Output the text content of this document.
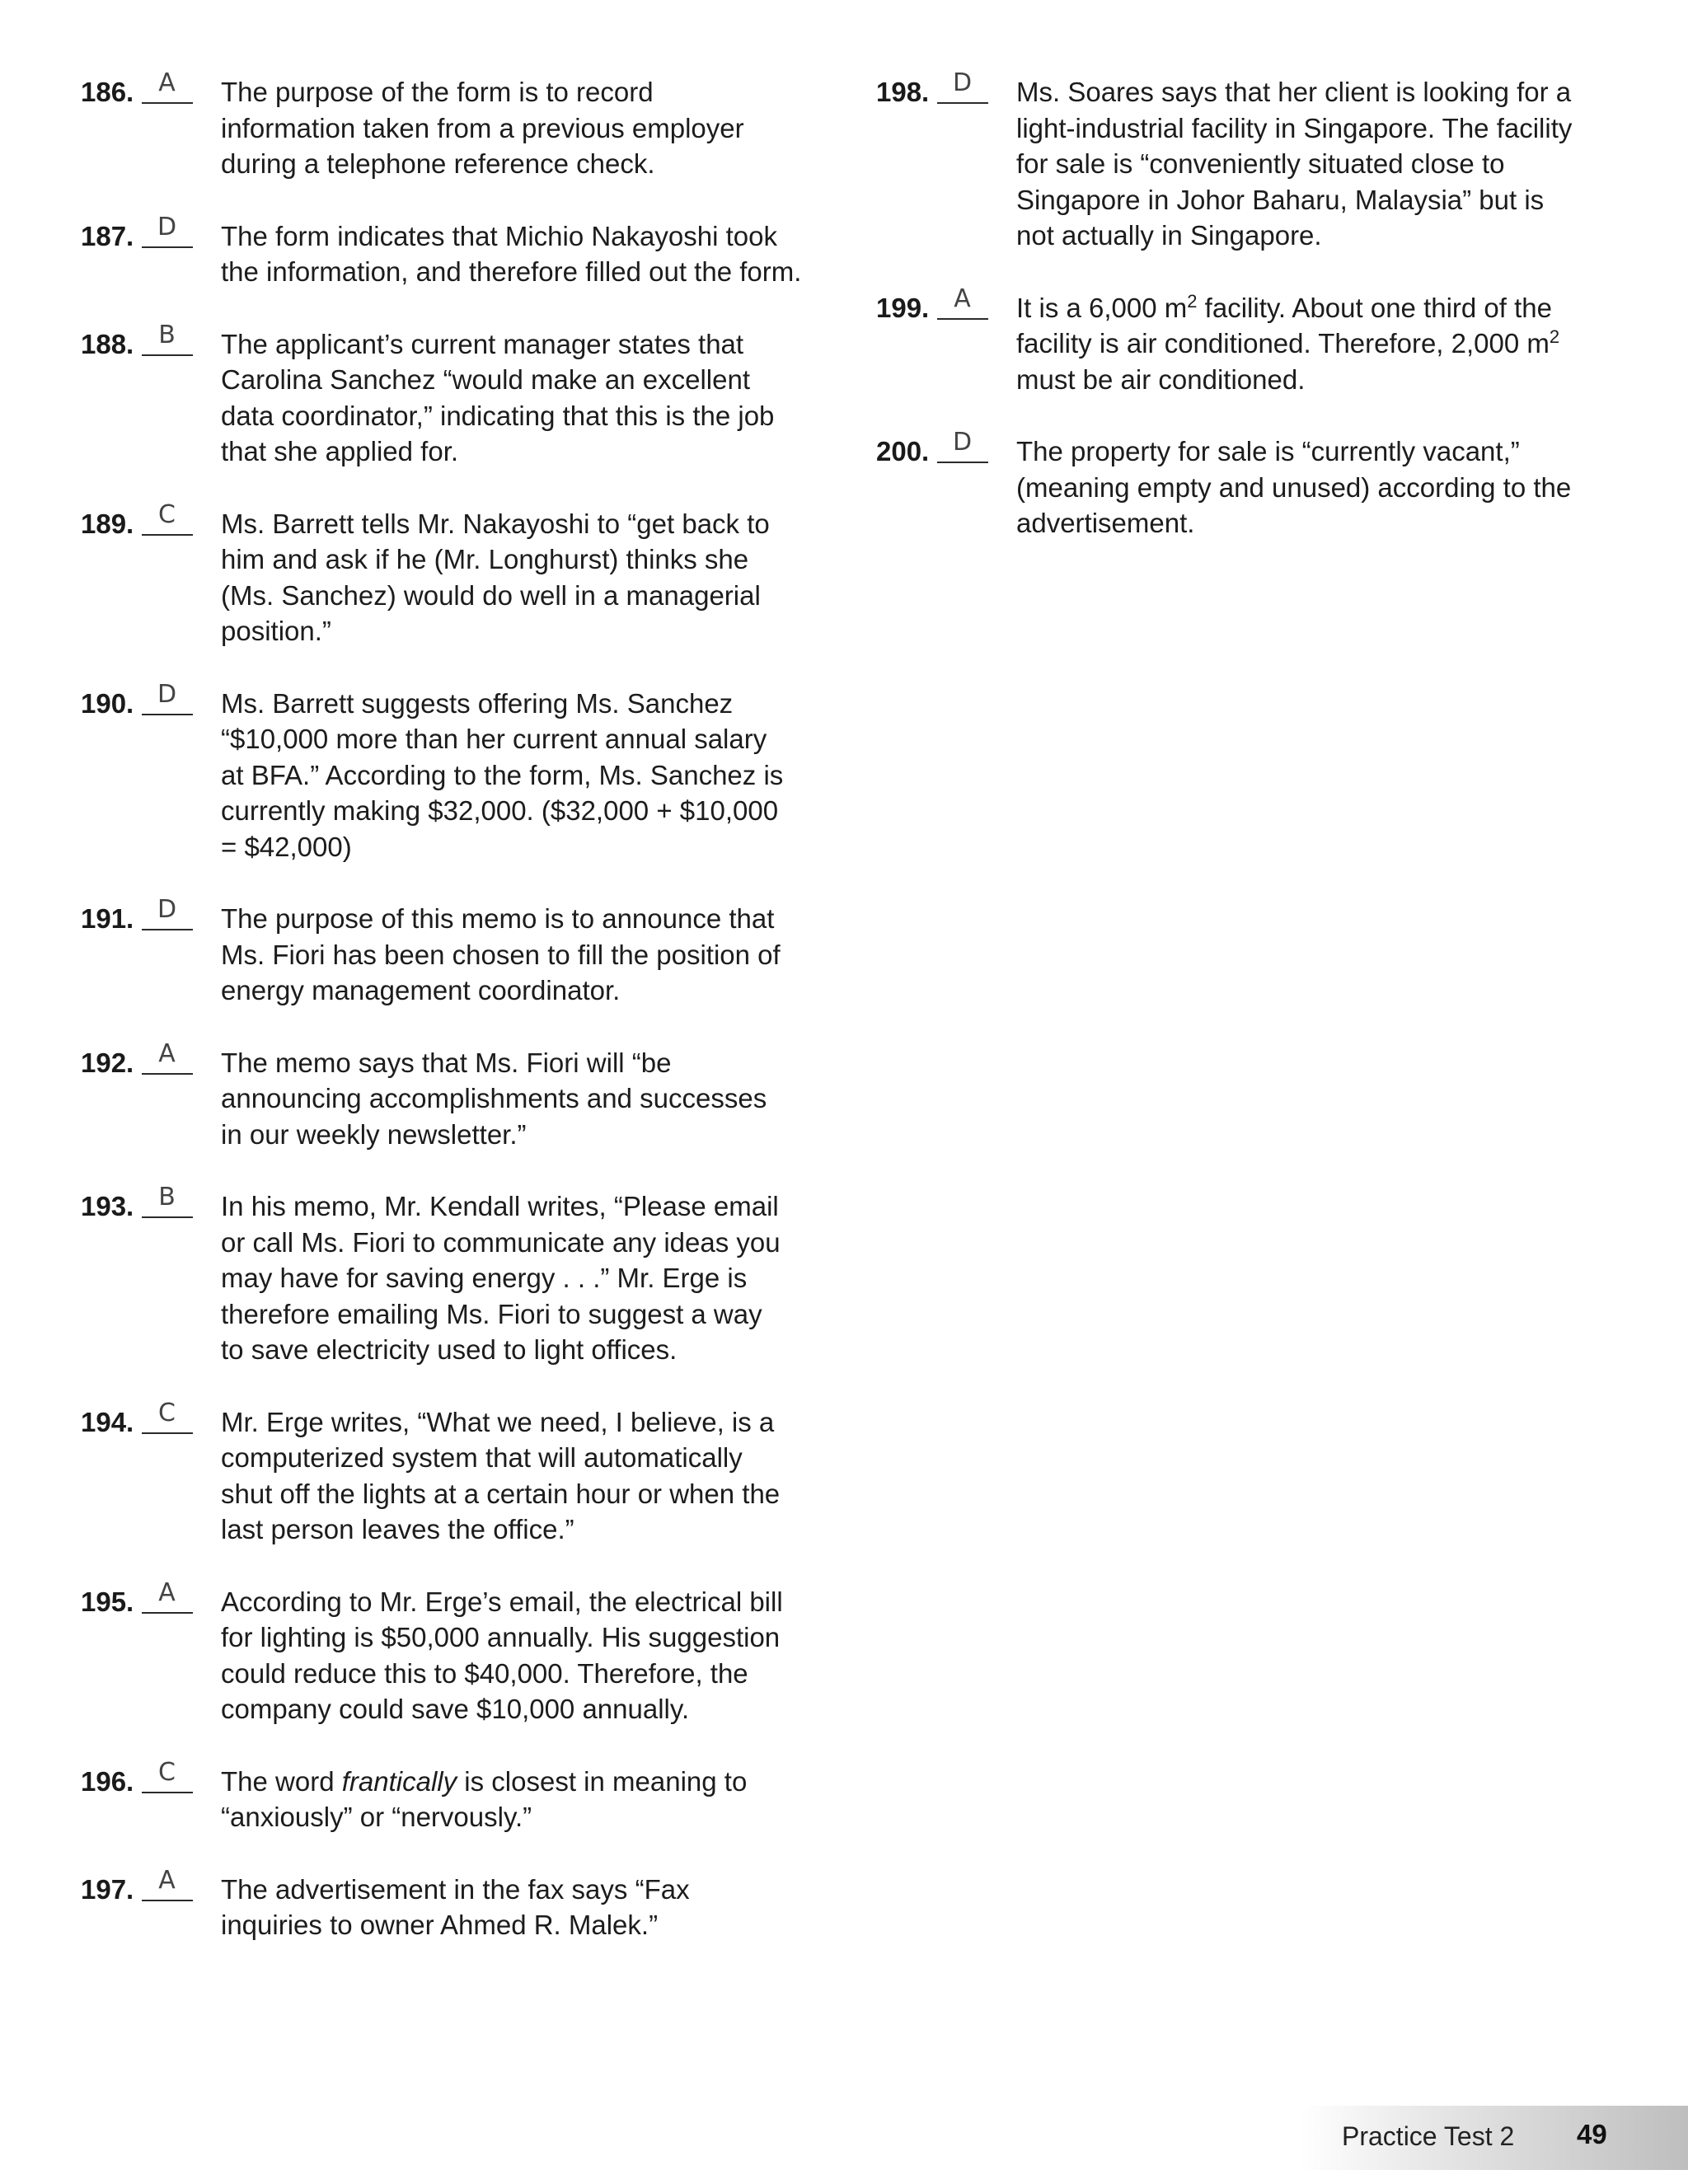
186.	A	The purpose of the form is to record
information taken from a previous employer
during a telephone reference check.
187. D	The form indicates that Michio Nakayoshi took
the information, and therefore filled out the form.
188. B	The applicant’s current manager states that
Carolina Sanchez “would make an excellent
data coordinator,” indicating that this is the job
that she applied for.
189. C	Ms. Barrett tells Mr. Nakayoshi to “get back to
him and ask if he (Mr. Longhurst) thinks she
(Ms. Sanchez) would do well in a managerial
position.”
190. D	Ms. Barrett suggests offering Ms. Sanchez
“$10,000 more than her current annual salary
at BFA.” According to the form, Ms. Sanchez is
currently making $32,000. ($32,000 + $10,000
= $42,000)
191. D	The purpose of this memo is to announce that
Ms. Fiori has been chosen to fill the position of
energy management coordinator.
192.	A	The memo says that Ms. Fiori will “be
announcing accomplishments and successes
in our weekly newsletter.”
193. B	In his memo, Mr. Kendall writes, “Please email
or call Ms. Fiori to communicate any ideas you
may have for saving energy . . .” Mr. Erge is
therefore emailing Ms. Fiori to suggest a way
to save electricity used to light offices.
194. C	Mr. Erge writes, “What we need, I believe, is a
computerized system that will automatically
shut off the lights at a certain hour or when the
last person leaves the office.”
195.	A	According to Mr. Erge’s email, the electrical bill
for lighting is $50,000 annually. His suggestion
could reduce this to $40,000. Therefore, the
company could save $10,000 annually.
196. C	The word frantically is closest in meaning to
“anxiously” or “nervously.”
197.	A	The advertisement in the fax says “Fax
inquiries to owner Ahmed R. Malek.”
198. D	Ms. Soares says that her client is looking for a
light-industrial facility in Singapore. The facility
for sale is “conveniently situated close to
Singapore in Johor Baharu, Malaysia” but is
not actually in Singapore.
199.	A	It is a 6,000 $m^2$ facility. About one third of the
facility is air conditioned. Therefore, 2,000 $m^2$
must be air conditioned.
200. D	The property for sale is “currently vacant,”
(meaning empty and unused) according to the
advertisement.
Practice Test 2 49
